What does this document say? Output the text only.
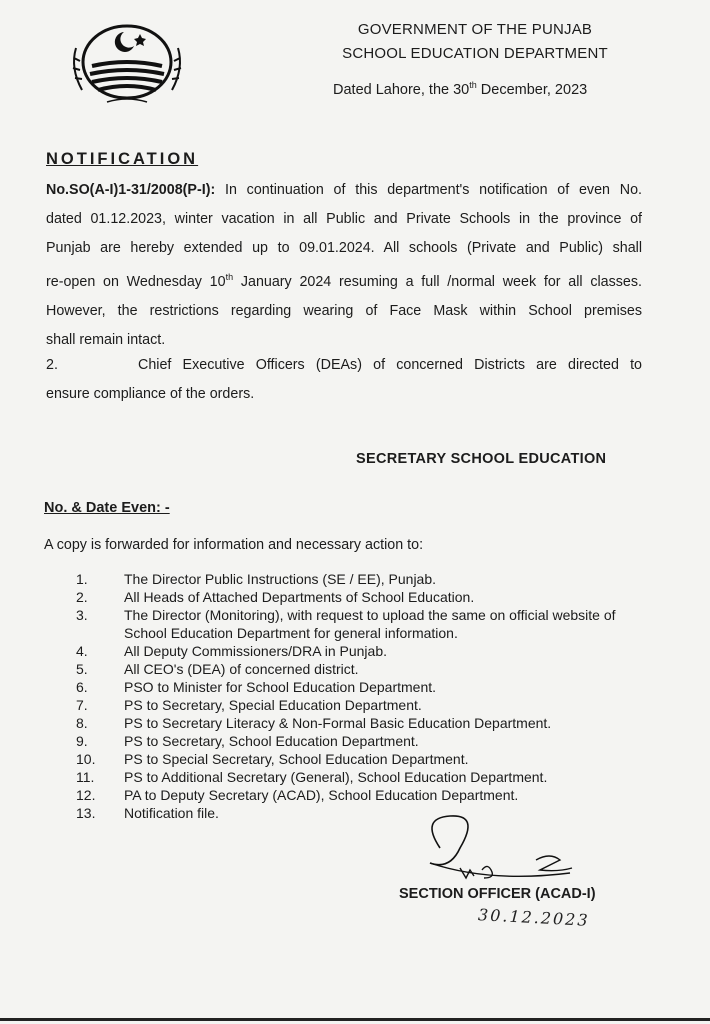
GOVERNMENT OF THE PUNJAB
SCHOOL EDUCATION DEPARTMENT
Dated Lahore, the 30th December, 2023
NOTIFICATION
No.SO(A-I)1-31/2008(P-I): In continuation of this department's notification of even No.
dated 01.12.2023, winter vacation in all Public and Private Schools in the province of
Punjab are hereby extended up to 09.01.2024. All schools (Private and Public) shall
re-open on Wednesday 10th January 2024 resuming a full /normal week for all classes.
However, the restrictions regarding wearing of Face Mask within School premises
shall remain intact.
2.	Chief Executive Officers (DEAs) of concerned Districts are directed to
ensure compliance of the orders.
SECRETARY SCHOOL EDUCATION
No. & Date Even: -
A copy is forwarded for information and necessary action to:
1.	The Director Public Instructions (SE / EE), Punjab.
2.	All Heads of Attached Departments of School Education.
3.	The Director (Monitoring), with request to upload the same on official website of School Education Department for general information.
4.	All Deputy Commissioners/DRA in Punjab.
5.	All CEO's (DEA) of concerned district.
6.	PSO to Minister for School Education Department.
7.	PS to Secretary, Special Education Department.
8.	PS to Secretary Literacy & Non-Formal Basic Education Department.
9.	PS to Secretary, School Education Department.
10.	PS to Special Secretary, School Education Department.
11.	PS to Additional Secretary (General), School Education Department.
12.	PA to Deputy Secretary (ACAD), School Education Department.
13.	Notification file.
SECTION OFFICER (ACAD-I)
30.12.2023
